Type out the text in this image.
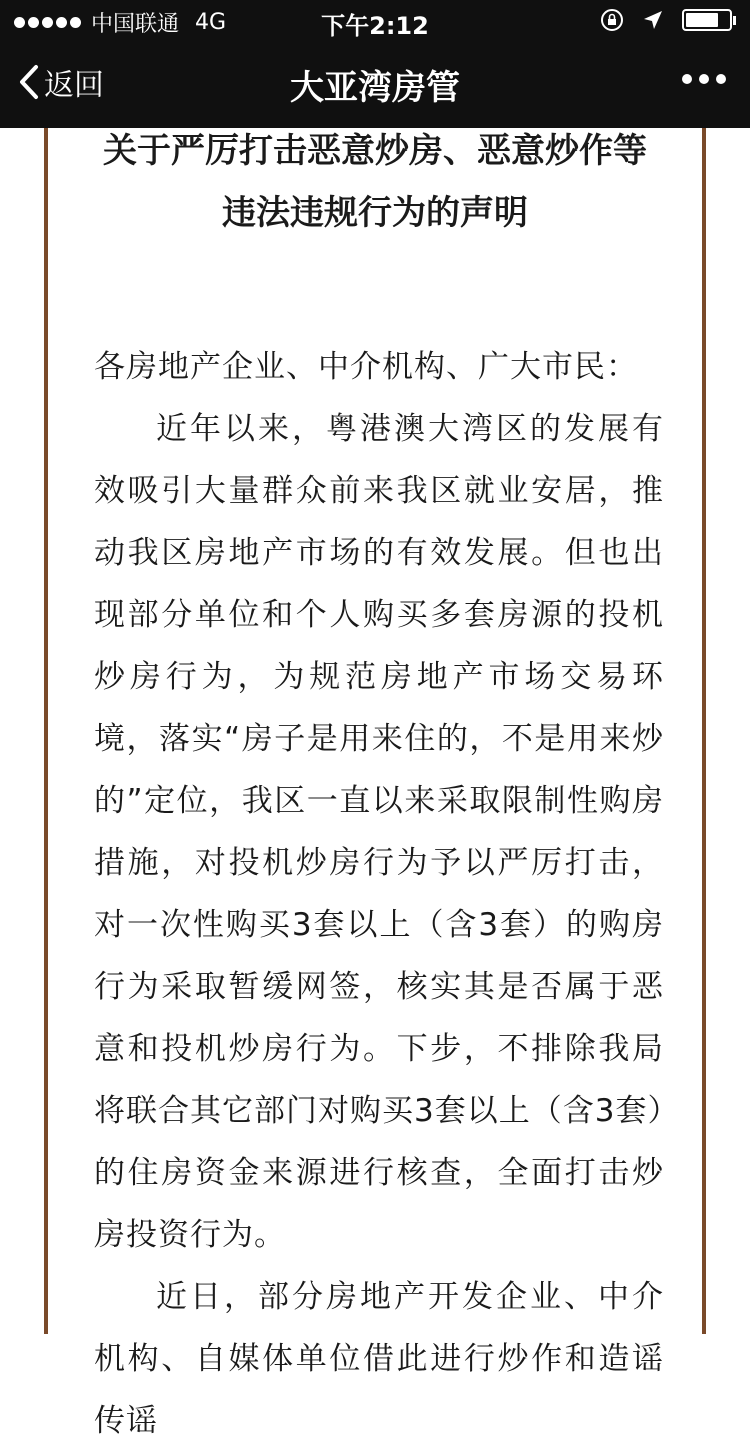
中国联通 4G	下午2:12
返回	大亚湾房管
关于严厉打击恶意炒房、恶意炒作等
违法违规行为的声明
各房地产企业、中介机构、广大市民：
近年以来，粤港澳大湾区的发展有效吸引大量群众前来我区就业安居，推动我区房地产市场的有效发展。但也出现部分单位和个人购买多套房源的投机炒房行为，为规范房地产市场交易环境，落实“房子是用来住的，不是用来炒的”定位，我区一直以来采取限制性购房措施，对投机炒房行为予以严厉打击，对一次性购买3套以上（含3套）的购房行为采取暂缓网签，核实其是否属于恶意和投机炒房行为。下步，不排除我局将联合其它部门对购买3套以上（含3套）的住房资金来源进行核查，全面打击炒房投资行为。
近日，部分房地产开发企业、中介机构、自媒体单位借此进行炒作和造谣传谣
